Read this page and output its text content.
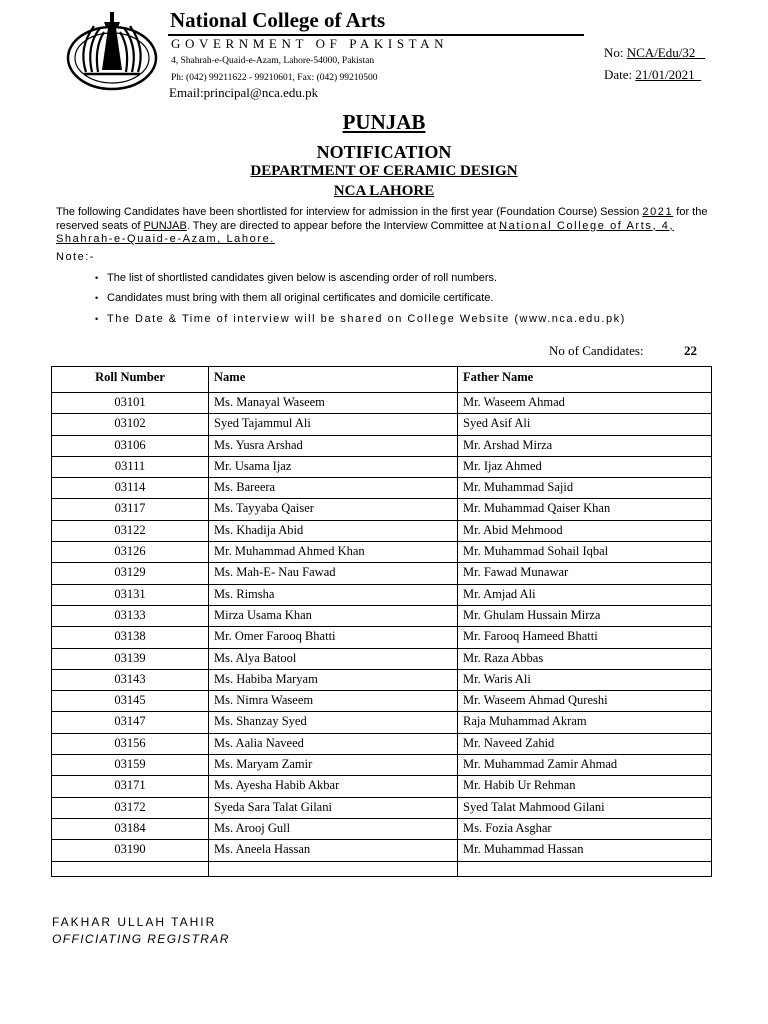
National College of Arts
GOVERNMENT OF PAKISTAN
4, Shahrah-e-Quaid-e-Azam, Lahore-54000, Pakistan
Ph: (042) 99211622 - 99210601, Fax: (042) 99210500
Email:principal@nca.edu.pk
No: NCA/Edu/32
Date: 21/01/2021
PUNJAB
NOTIFICATION
DEPARTMENT OF CERAMIC DESIGN
NCA LAHORE
The following Candidates have been shortlisted for interview for admission in the first year (Foundation Course) Session 2021 for the reserved seats of PUNJAB. They are directed to appear before the Interview Committee at National College of Arts, 4, Shahrah-e-Quaid-e-Azam, Lahore.
Note:-
• The list of shortlisted candidates given below is ascending order of roll numbers.
• Candidates must bring with them all original certificates and domicile certificate.
• The Date & Time of interview will be shared on College Website (www.nca.edu.pk)
No of Candidates:	22
Roll Number	Name	Father Name
03101	Ms. Manayal Waseem	Mr. Waseem Ahmad
03102	Syed Tajammul Ali	Syed Asif Ali
03106	Ms. Yusra Arshad	Mr. Arshad Mirza
03111	Mr. Usama Ijaz	Mr. Ijaz Ahmed
03114	Ms. Bareera	Mr. Muhammad Sajid
03117	Ms. Tayyaba Qaiser	Mr. Muhammad Qaiser Khan
03122	Ms. Khadija Abid	Mr. Abid Mehmood
03126	Mr. Muhammad Ahmed Khan	Mr. Muhammad Sohail Iqbal
03129	Ms. Mah-E- Nau Fawad	Mr. Fawad Munawar
03131	Ms. Rimsha	Mr. Amjad Ali
03133	Mirza Usama Khan	Mr. Ghulam Hussain Mirza
03138	Mr. Omer Farooq Bhatti	Mr. Farooq Hameed Bhatti
03139	Ms. Alya Batool	Mr. Raza Abbas
03143	Ms. Habiba Maryam	Mr. Waris Ali
03145	Ms. Nimra Waseem	Mr. Waseem Ahmad Qureshi
03147	Ms. Shanzay Syed	Raja Muhammad Akram
03156	Ms. Aalia Naveed	Mr. Naveed Zahid
03159	Ms. Maryam Zamir	Mr. Muhammad Zamir Ahmad
03171	Ms. Ayesha Habib Akbar	Mr. Habib Ur Rehman
03172	Syeda Sara Talat Gilani	Syed Talat Mahmood Gilani
03184	Ms. Arooj Gull	Ms. Fozia Asghar
03190	Ms. Aneela Hassan	Mr. Muhammad Hassan

FAKHAR ULLAH TAHIR
OFFICIATING REGISTRAR
